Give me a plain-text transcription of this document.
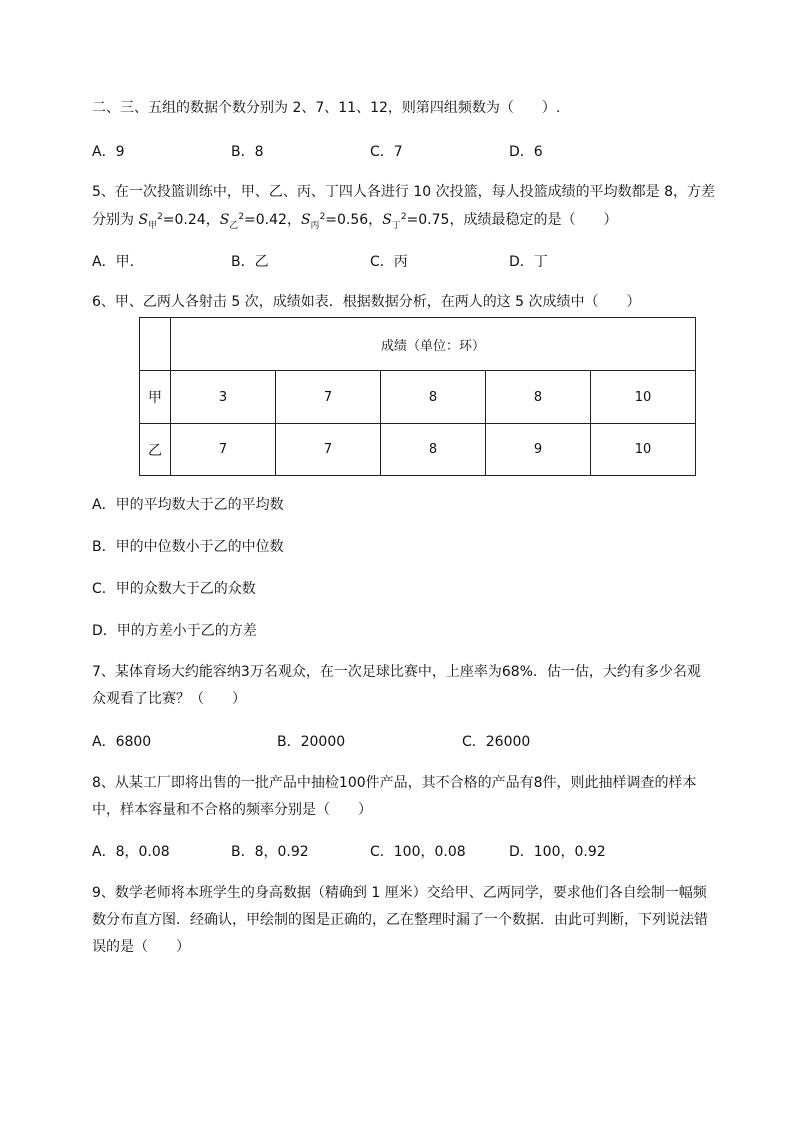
二、三、五组的数据个数分别为 2、7、11、12，则第四组频数为（　　）.
A．9	B．8	C．7	D．6
5、在一次投篮训练中，甲、乙、丙、丁四人各进行 10 次投篮，每人投篮成绩的平均数都是 8，方差
分别为 $S_甲^2=0.24$，$S_乙^2=0.42$，$S_丙^2=0.56$，$S_丁^2=0.75$，成绩最稳定的是（　　）
A．甲.	B．乙	C．丙	D．丁
6、甲、乙两人各射击 5 次，成绩如表．根据数据分析，在两人的这 5 次成绩中（　　）
	成绩（单位：环）				
甲	3	7	8	8	10
乙	7	7	8	9	10
A．甲的平均数大于乙的平均数
B．甲的中位数小于乙的中位数
C．甲的众数大于乙的众数
D．甲的方差小于乙的方差
7、某体育场大约能容纳3万名观众，在一次足球比赛中，上座率为68%．估一估，大约有多少名观
众观看了比赛？（　　）
A．6800	B．20000	C．26000
8、从某工厂即将出售的一批产品中抽检100件产品，其不合格的产品有8件，则此抽样调查的样本
中，样本容量和不合格的频率分别是（　　）
A．8，0.08	B．8，0.92	C．100，0.08	D．100，0.92
9、数学老师将本班学生的身高数据（精确到 1 厘米）交给甲、乙两同学，要求他们各自绘制一幅频
数分布直方图．经确认，甲绘制的图是正确的，乙在整理时漏了一个数据．由此可判断，下列说法错
误的是（　　）
